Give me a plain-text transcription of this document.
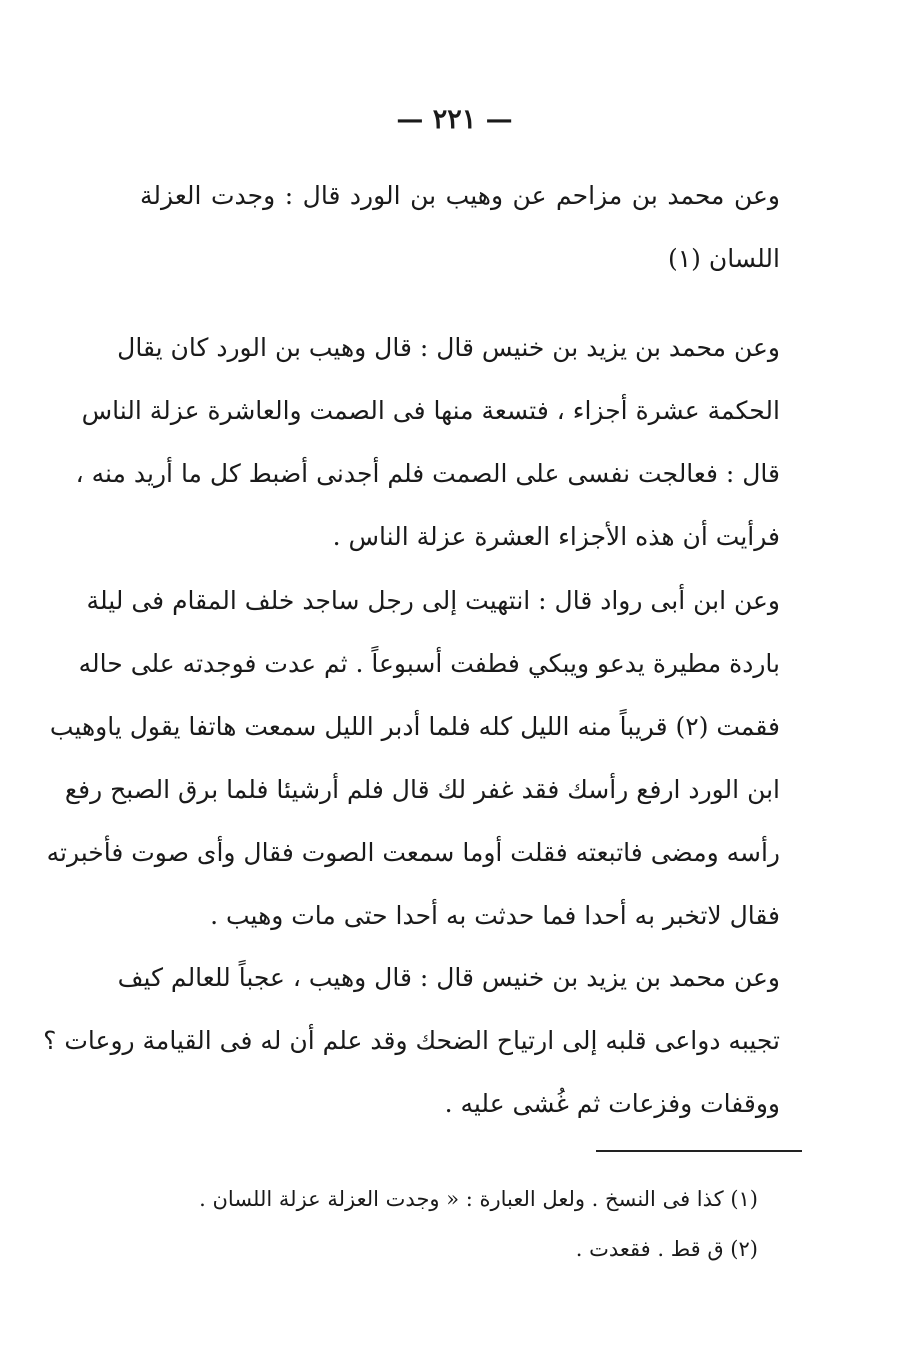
— ٢٢١ —
وعن محمد بن مزاحم عن وهيب بن الورد قال : وجدت العزلة
اللسان (١)
وعن محمد بن يزيد بن خنيس قال : قال وهيب بن الورد كان يقال
الحكمة عشرة أجزاء ، فتسعة منها فى الصمت والعاشرة عزلة الناس
قال : فعالجت نفسى على الصمت فلم أجدنى أضبط كل ما أريد منه ،
فرأيت أن هذه الأجزاء العشرة عزلة الناس .
وعن ابن أبى رواد قال : انتهيت إلى رجل ساجد خلف المقام فى ليلة
باردة مطيرة يدعو ويبكي فطفت أسبوعاً . ثم عدت فوجدته على حاله
فقمت (٢) قريباً منه الليل كله فلما أدبر الليل سمعت هاتفا يقول ياوهيب
ابن الورد ارفع رأسك فقد غفر لك قال فلم أرشيئا فلما برق الصبح رفع
رأسه ومضى فاتبعته فقلت أوما سمعت الصوت فقال وأى صوت فأخبرته
فقال لاتخبر به أحدا فما حدثت به أحدا حتى مات وهيب .
وعن محمد بن يزيد بن خنيس قال : قال وهيب ، عجباً للعالم كيف
تجيبه دواعى قلبه إلى ارتياح الضحك وقد علم أن له فى القيامة روعات ؟
ووقفات وفزعات ثم غُشى عليه .
(١) كذا فى النسخ . ولعل العبارة : « وجدت العزلة عزلة اللسان .
(٢) ق قط . فقعدت .
